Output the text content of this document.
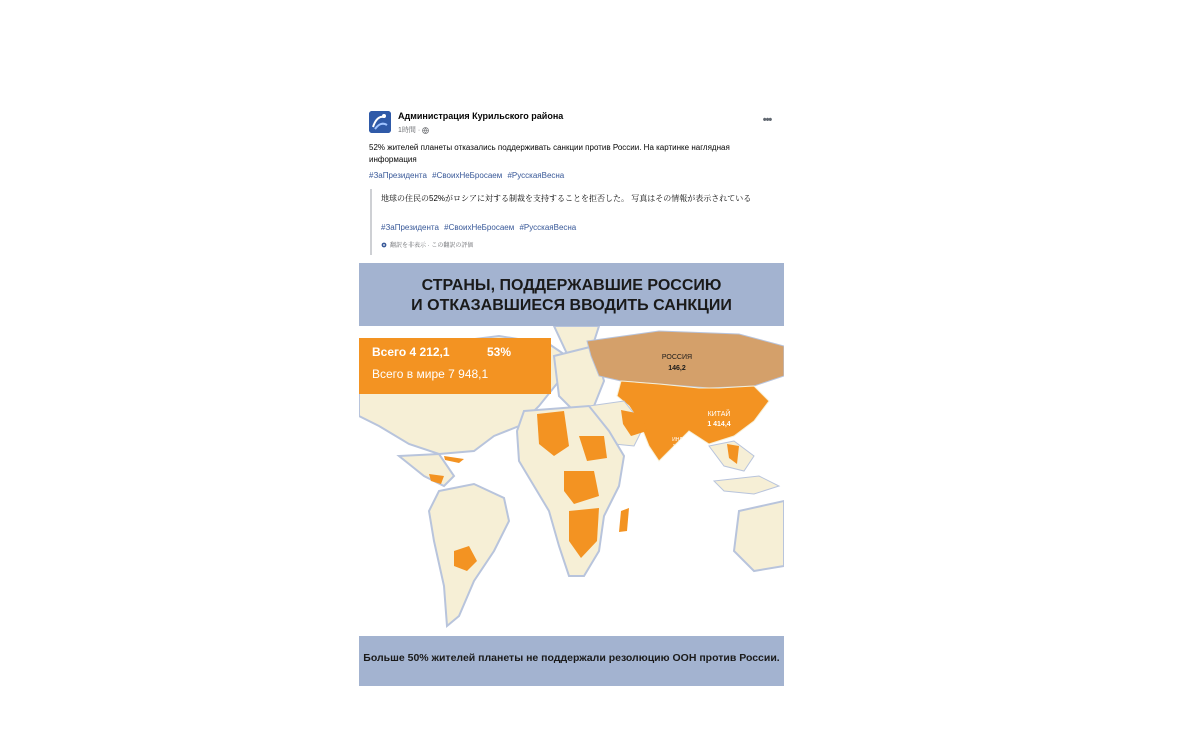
Администрация Курильского района
1時間 ·
•••
52% жителей планеты отказались поддерживать санкции против России. На картинке наглядная информация
#ЗаПрезидента #СвоихНеБросаем #РусскаяВесна
地球の住民の52%がロシアに対する制裁を支持することを拒否した。 写真はその情報が表示されている
#ЗаПрезидента #СвоихНеБросаем #РусскаяВесна
翻訳を非表示 · この翻訳の評価
СТРАНЫ, ПОДДЕРЖАВШИЕ РОССИЮ
И ОТКАЗАВШИЕСЯ ВВОДИТЬ САНКЦИИ
РОССИЯ
146,2
КИТАЙ
1 414,4
ИНДИЯ
1 398,6
Всего 4 212,1	53%
Всего в мире 7 948,1
Больше 50% жителей планеты не поддержали резолюцию ООН против России.
